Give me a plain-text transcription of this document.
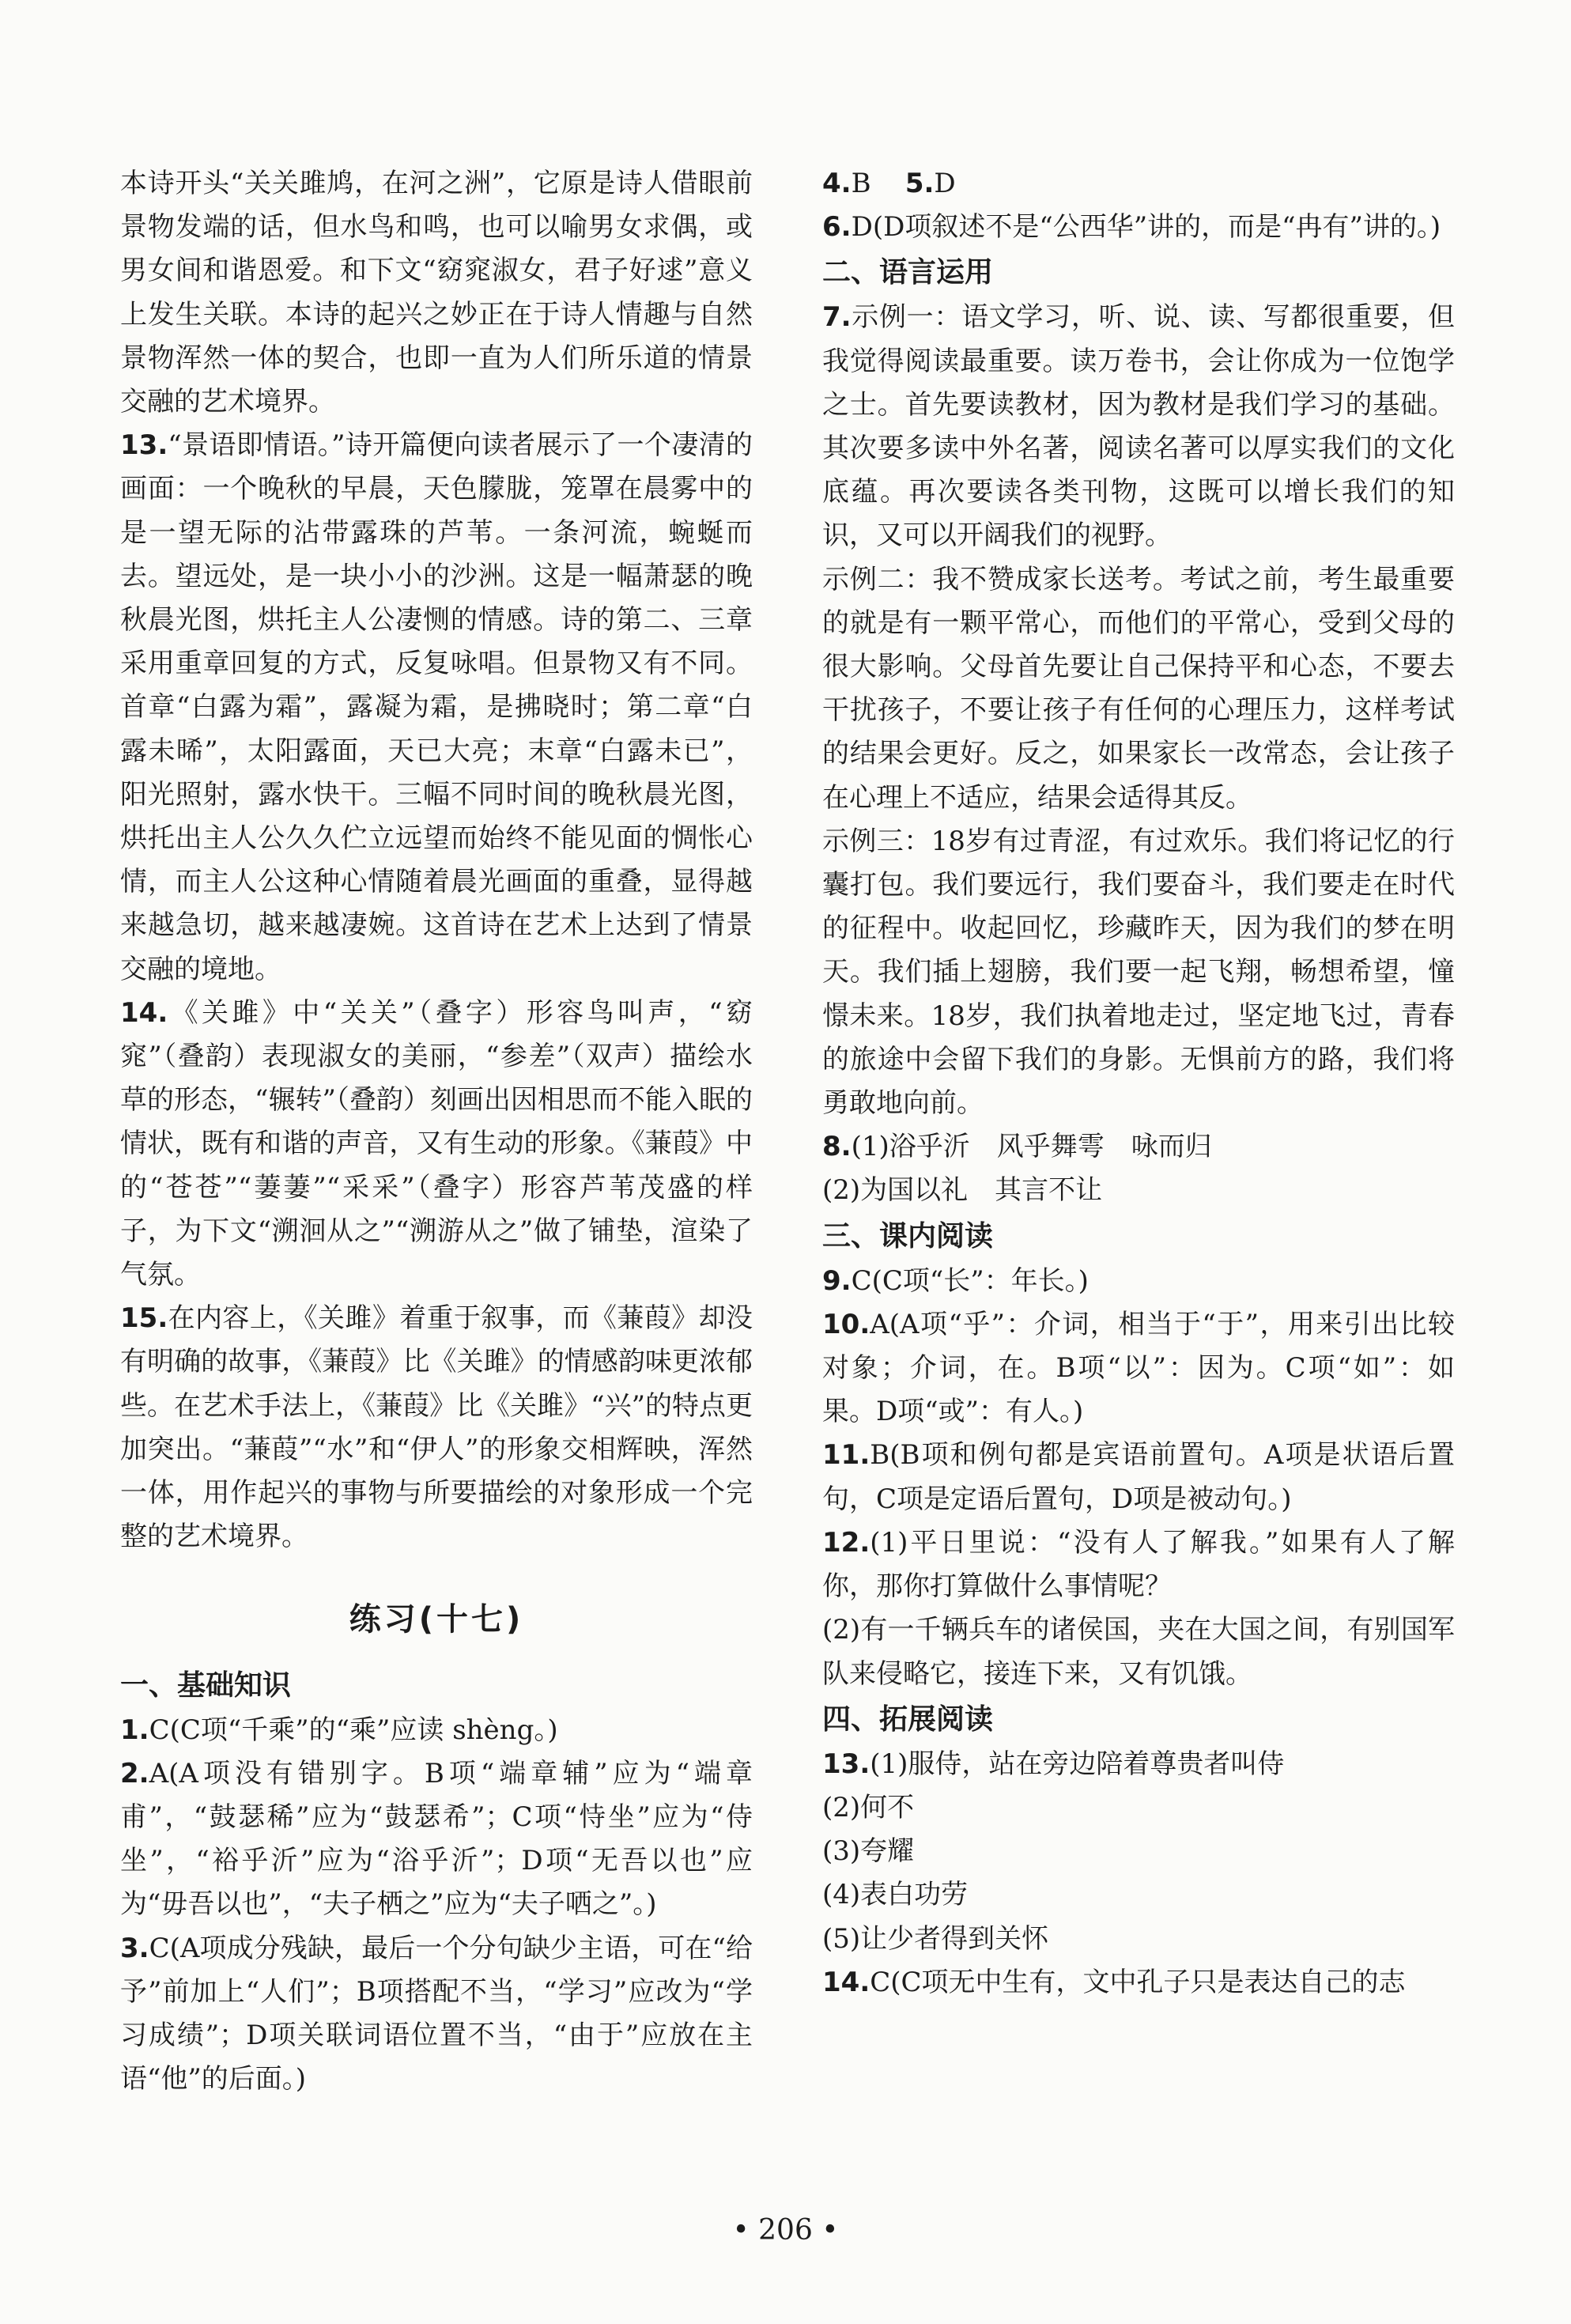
本诗开头“关关雎鸠，在河之洲”，它原是诗人借眼前景物发端的话，但水鸟和鸣，也可以喻男女求偶，或男女间和谐恩爱。和下文“窈窕淑女，君子好逑”意义上发生关联。本诗的起兴之妙正在于诗人情趣与自然景物浑然一体的契合，也即一直为人们所乐道的情景交融的艺术境界。

13.“景语即情语。”诗开篇便向读者展示了一个凄清的画面：一个晚秋的早晨，天色朦胧，笼罩在晨雾中的是一望无际的沾带露珠的芦苇。一条河流，蜿蜒而去。望远处，是一块小小的沙洲。这是一幅萧瑟的晚秋晨光图，烘托主人公凄恻的情感。诗的第二、三章采用重章回复的方式，反复咏唱。但景物又有不同。首章“白露为霜”，露凝为霜，是拂晓时；第二章“白露未晞”，太阳露面，天已大亮；末章“白露未已”，阳光照射，露水快干。三幅不同时间的晚秋晨光图，烘托出主人公久久伫立远望而始终不能见面的惆怅心情，而主人公这种心情随着晨光画面的重叠，显得越来越急切，越来越凄婉。这首诗在艺术上达到了情景交融的境地。

14.《关雎》中“关关”（叠字）形容鸟叫声，“窈窕”（叠韵）表现淑女的美丽，“参差”（双声）描绘水草的形态，“辗转”（叠韵）刻画出因相思而不能入眠的情状，既有和谐的声音，又有生动的形象。《蒹葭》中的“苍苍”“萋萋”“采采”（叠字）形容芦苇茂盛的样子，为下文“溯洄从之”“溯游从之”做了铺垫，渲染了气氛。

15.在内容上，《关雎》着重于叙事，而《蒹葭》却没有明确的故事，《蒹葭》比《关雎》的情感韵味更浓郁些。在艺术手法上，《蒹葭》比《关雎》“兴”的特点更加突出。“蒹葭”“水”和“伊人”的形象交相辉映，浑然一体，用作起兴的事物与所要描绘的对象形成一个完整的艺术境界。

练习(十七)

一、基础知识

1.C(C项“千乘”的“乘”应读 shèng。)

2.A(A项没有错别字。B项“端章辅”应为“端章甫”，“鼓瑟稀”应为“鼓瑟希”；C项“恃坐”应为“侍坐”，“裕乎沂”应为“浴乎沂”；D项“无吾以也”应为“毋吾以也”，“夫子栖之”应为“夫子哂之”。)

3.C(A项成分残缺，最后一个分句缺少主语，可在“给予”前加上“人们”；B项搭配不当，“学习”应改为“学习成绩”；D项关联词语位置不当，“由于”应放在主语“他”的后面。)

4.B 5.D

6.D(D项叙述不是“公西华”讲的，而是“冉有”讲的。)

二、语言运用

7.示例一：语文学习，听、说、读、写都很重要，但我觉得阅读最重要。读万卷书，会让你成为一位饱学之士。首先要读教材，因为教材是我们学习的基础。其次要多读中外名著，阅读名著可以厚实我们的文化底蕴。再次要读各类刊物，这既可以增长我们的知识，又可以开阔我们的视野。

示例二：我不赞成家长送考。考试之前，考生最重要的就是有一颗平常心，而他们的平常心，受到父母的很大影响。父母首先要让自己保持平和心态，不要去干扰孩子，不要让孩子有任何的心理压力，这样考试的结果会更好。反之，如果家长一改常态，会让孩子在心理上不适应，结果会适得其反。

示例三：18岁有过青涩，有过欢乐。我们将记忆的行囊打包。我们要远行，我们要奋斗，我们要走在时代的征程中。收起回忆，珍藏昨天，因为我们的梦在明天。我们插上翅膀，我们要一起飞翔，畅想希望，憧憬未来。18岁，我们执着地走过，坚定地飞过，青春的旅途中会留下我们的身影。无惧前方的路，我们将勇敢地向前。

8.(1)浴乎沂　风乎舞雩　咏而归

(2)为国以礼　其言不让

三、课内阅读

9.C(C项“长”：年长。)

10.A(A项“乎”：介词，相当于“于”，用来引出比较对象；介词，在。B项“以”：因为。C项“如”：如果。D项“或”：有人。)

11.B(B项和例句都是宾语前置句。A项是状语后置句，C项是定语后置句，D项是被动句。)

12.(1)平日里说：“没有人了解我。”如果有人了解你，那你打算做什么事情呢？

(2)有一千辆兵车的诸侯国，夹在大国之间，有别国军队来侵略它，接连下来，又有饥饿。

四、拓展阅读

13.(1)服侍，站在旁边陪着尊贵者叫侍

(2)何不

(3)夸耀

(4)表白功劳

(5)让少者得到关怀

14.C(C项无中生有，文中孔子只是表达自己的志

• 206 •
